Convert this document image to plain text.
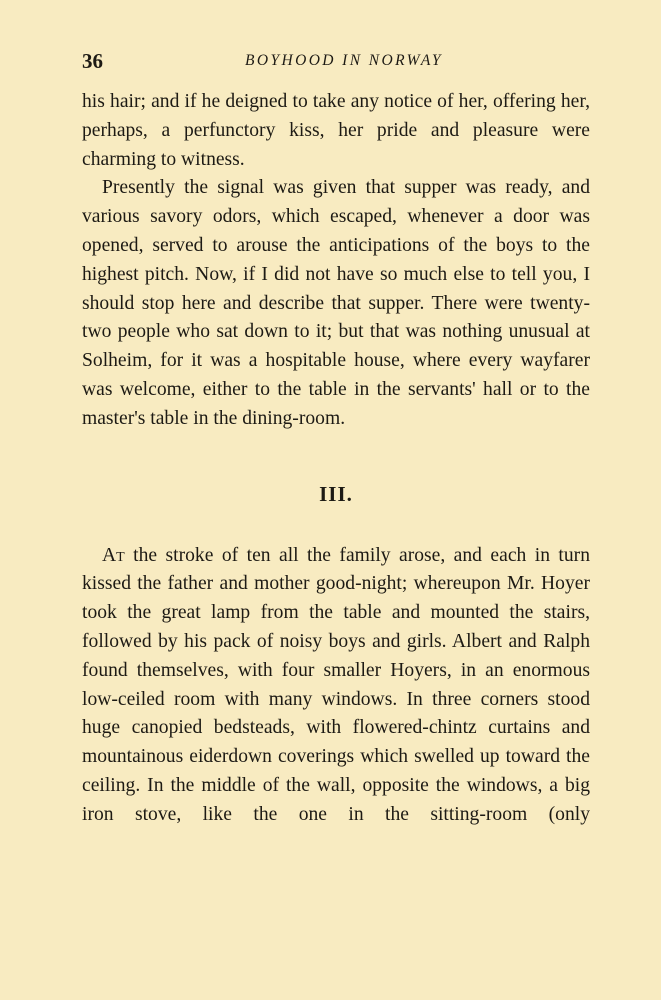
36	BOYHOOD IN NORWAY

his hair; and if he deigned to take any notice of her, offering her, perhaps, a perfunctory kiss, her pride and pleasure were charming to witness.

Presently the signal was given that supper was ready, and various savory odors, which escaped, whenever a door was opened, served to arouse the anticipations of the boys to the highest pitch. Now, if I did not have so much else to tell you, I should stop here and describe that supper. There were twenty-two people who sat down to it; but that was nothing unusual at Solheim, for it was a hospitable house, where every wayfarer was welcome, either to the table in the servants' hall or to the master's table in the dining-room.

III.

At the stroke of ten all the family arose, and each in turn kissed the father and mother good-night; whereupon Mr. Hoyer took the great lamp from the table and mounted the stairs, followed by his pack of noisy boys and girls. Albert and Ralph found themselves, with four smaller Hoyers, in an enormous low-ceiled room with many windows. In three corners stood huge canopied bedsteads, with flowered-chintz curtains and mountainous eiderdown coverings which swelled up toward the ceiling. In the middle of the wall, opposite the windows, a big iron stove, like the one in the sitting-room (only
